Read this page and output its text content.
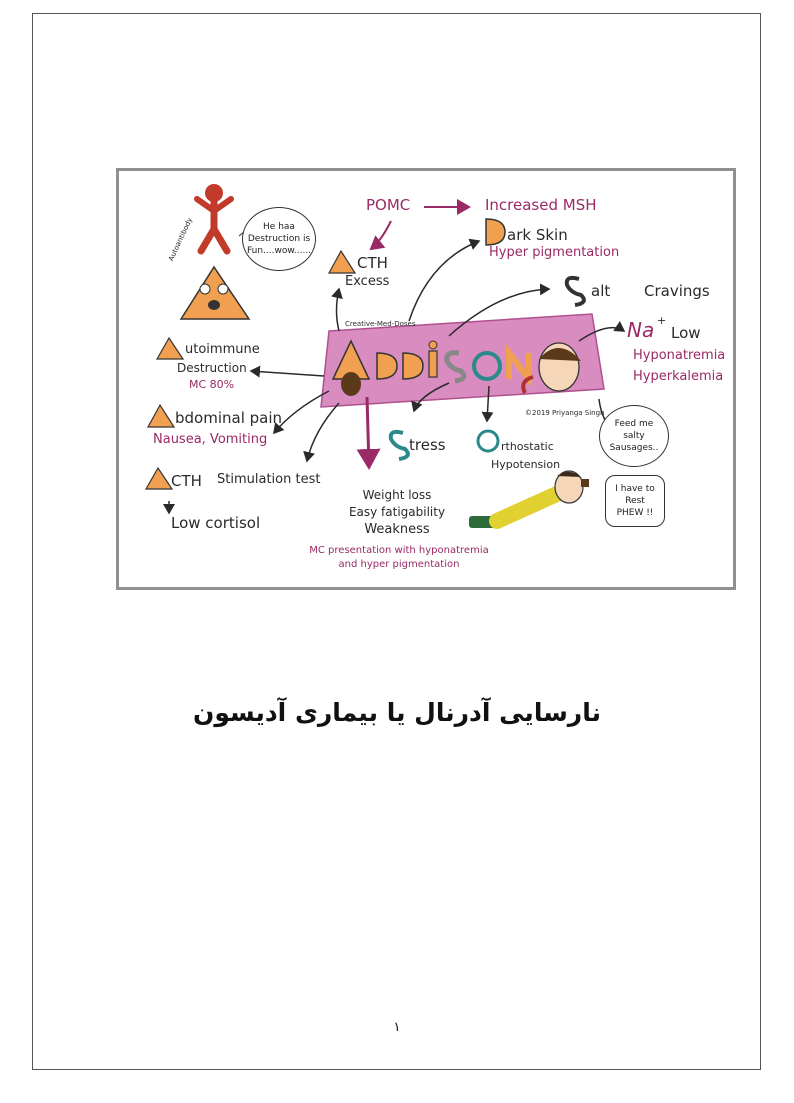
He haa
Destruction is
Fun....wow......
Feed me
salty
Sausages..
I have to
Rest
PHEW !!
Autoantibody
POMC	Increased MSH
CTH
Excess
ark Skin
Hyper pigmentation
alt Cravings
Na +
Low
Hyponatremia
Hyperkalemia
Creative-Med-Doses
©2019 Priyanga Singh
utoimmune
Destruction
MC 80%
bdominal pain
Nausea, Vomiting
CTH Stimulation test
Low cortisol
tress	rthostatic
Hypotension
Weight loss
Easy fatigability
Weakness
MC presentation with hyponatremia
and hyper pigmentation
نارسایی آدرنال یا بیماری آدیسون
۱
